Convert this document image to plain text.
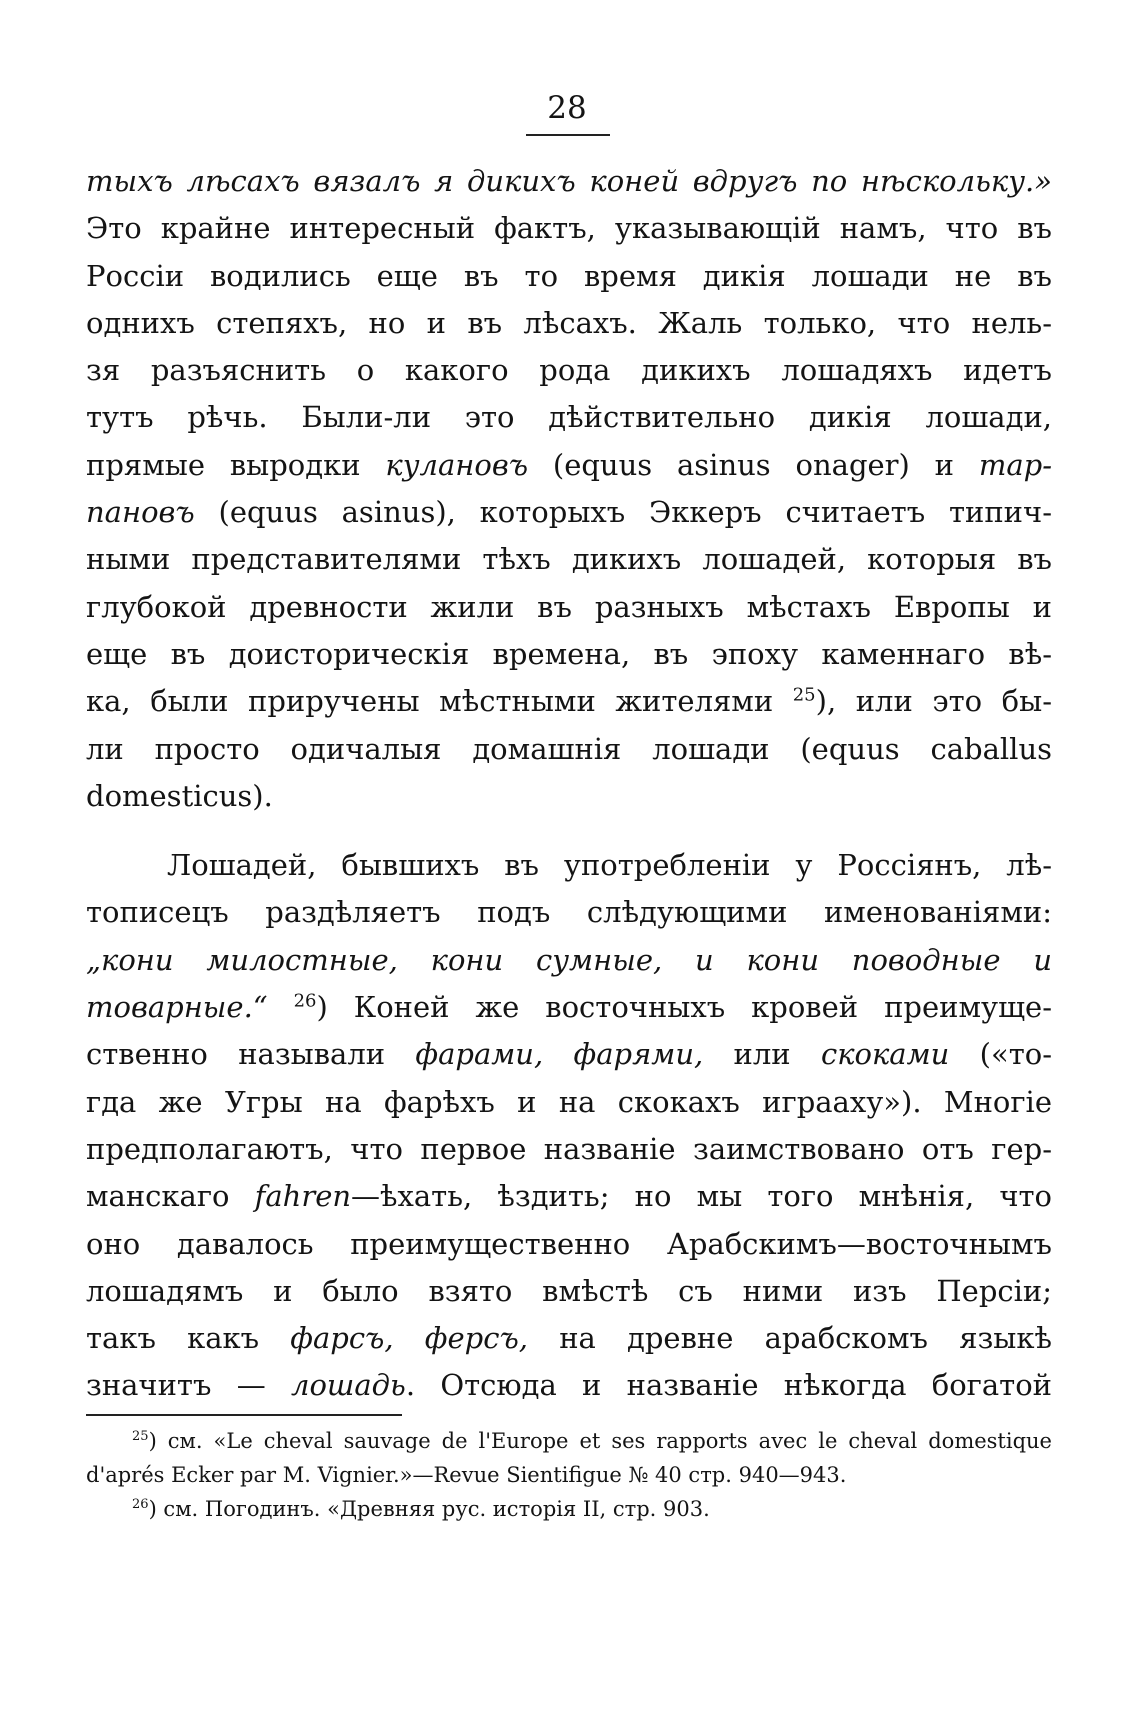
28
тыхъ лѣсахъ вязалъ я дикихъ коней вдругъ по нѣскольку.»
Это крайне интересный фактъ, указывающій намъ, что въ
Россіи водились еще въ то время дикія лошади не въ
однихъ степяхъ, но и въ лѣсахъ. Жаль только, что нель-
зя разъяснить о какого рода дикихъ лошадяхъ идетъ
тутъ рѣчь. Были-ли это дѣйствительно дикія лошади,
прямые выродки кулановъ (equus asinus onager) и тар-
пановъ (equus asinus), которыхъ Эккеръ считаетъ типич-
ными представителями тѣхъ дикихъ лошадей, которыя въ
глубокой древности жили въ разныхъ мѣстахъ Европы и
еще въ доисторическія времена, въ эпоху каменнаго вѣ-
ка, были приручены мѣстными жителями $^{25}$), или это бы-
ли просто одичалыя домашнія лошади (equus caballus
domesticus).
Лошадей, бывшихъ въ употребленіи у Россіянъ, лѣ-
тописецъ раздѣляетъ подъ слѣдующими именованіями:
„кони милостные, кони сумные, и кони поводные и
товарные.“ $^{26}$) Коней же восточныхъ кровей преимуще-
ственно называли фарами, фарями, или скоками («то-
гда же Угры на фарѣхъ и на скокахъ играаху»). Многіе
предполагаютъ, что первое названіе заимствовано отъ гер-
манскаго fahren—ѣхать, ѣздить; но мы того мнѣнія, что
оно давалось преимущественно Арабскимъ—восточнымъ
лошадямъ и было взято вмѣстѣ съ ними изъ Персіи;
такъ какъ фарсъ, ферсъ, на древне арабскомъ языкѣ
значитъ — лошадь. Отсюда и названіе нѣкогда богатой
$^{25}$) см. «Le cheval sauvage de l'Europe et ses rapports avec le cheval domestique
d'aprés Ecker par M. Vignier.»—Revue Sientifigue № 40 стр. 940—943.
$^{26}$) см. Погодинъ. «Древняя рус. исторія II, стр. 903.
